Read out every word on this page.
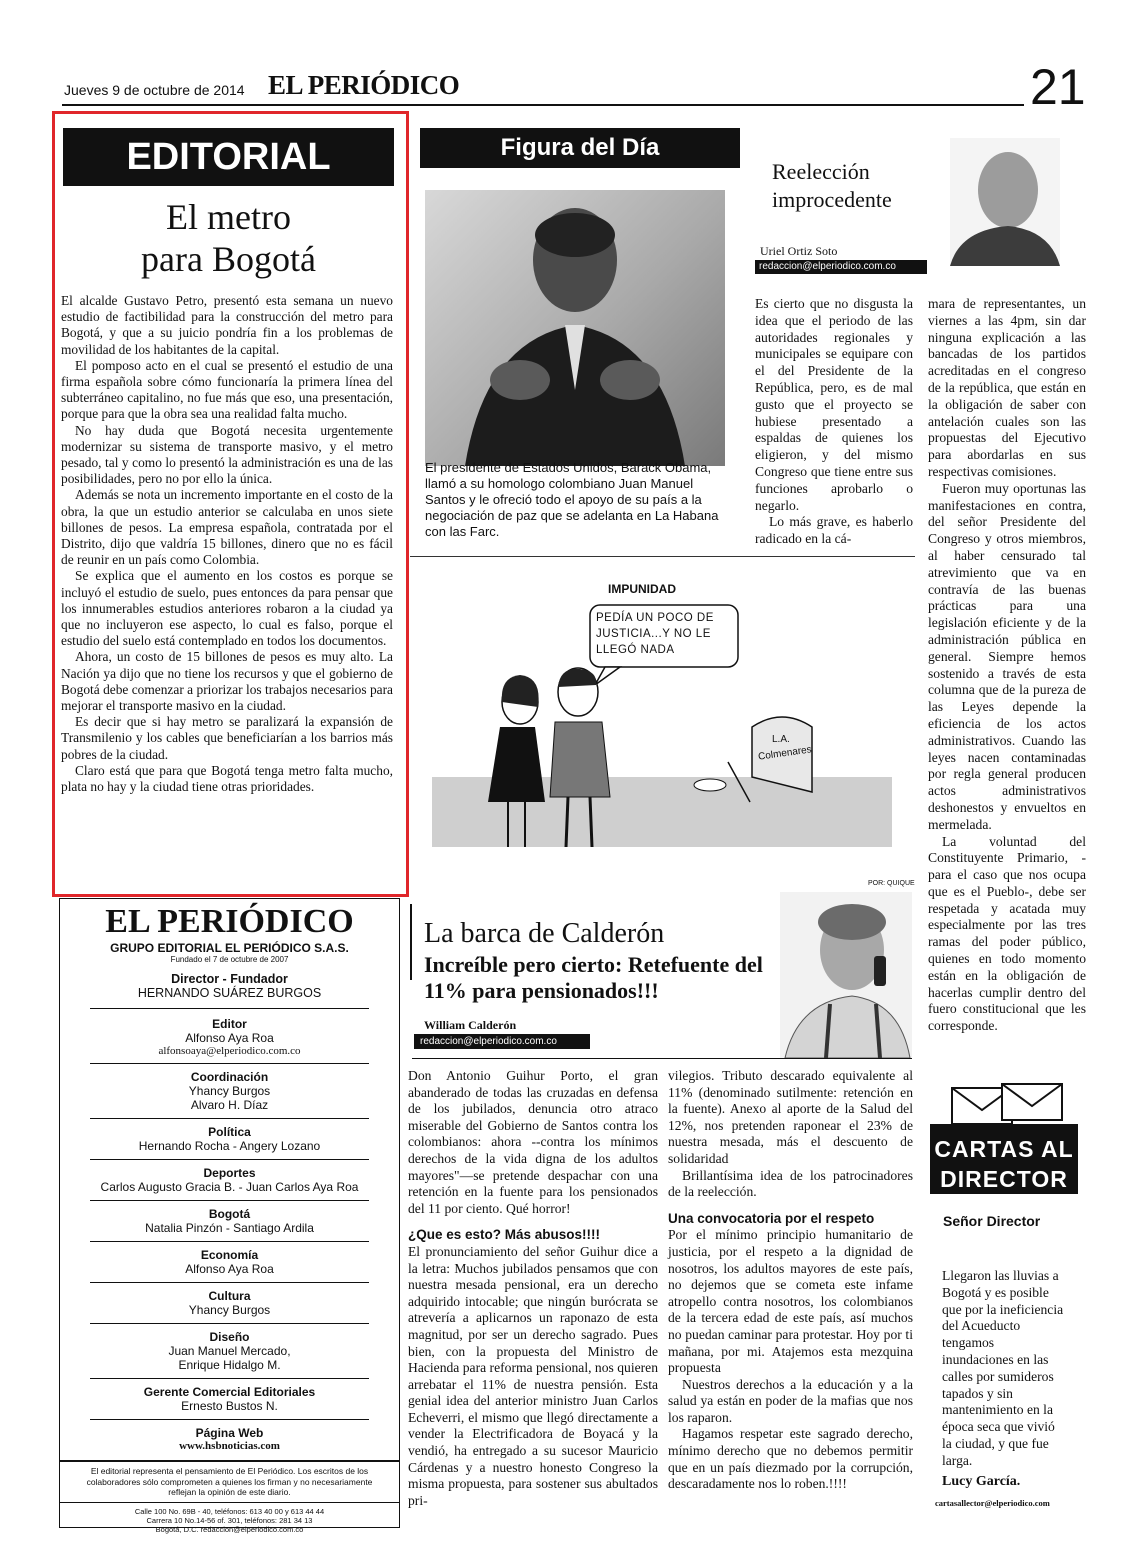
Jueves 9 de octubre de 2014 EL PERIÓDICO	21
EDITORIAL
El metro
para Bogotá

El alcalde Gustavo Petro, presentó esta semana un nuevo estudio de factibilidad para la construcción del metro para Bogotá, y que a su juicio pondría fin a los problemas de movilidad de los habitantes de la capital.

El pomposo acto en el cual se presentó el estudio de una firma española sobre cómo funcionaría la primera línea del subterráneo capitalino, no fue más que eso, una presentación, porque para que la obra sea una realidad falta mucho.

No hay duda que Bogotá necesita urgentemente modernizar su sistema de transporte masivo, y el metro pesado, tal y como lo presentó la administración es una de las posibilidades, pero no por ello la única.

Además se nota un incremento importante en el costo de la obra, la que un estudio anterior se calculaba en unos siete billones de pesos. La empresa española, contratada por el Distrito, dijo que valdría 15 billones, dinero que no es fácil de reunir en un país como Colombia.

Se explica que el aumento en los costos es porque se incluyó el estudio de suelo, pues entonces da para pensar que los innumerables estudios anteriores robaron a la ciudad ya que no incluyeron ese aspecto, lo cual es falso, porque el estudio del suelo está contemplado en todos los documentos.

Ahora, un costo de 15 billones de pesos es muy alto. La Nación ya dijo que no tiene los recursos y que el gobierno de Bogotá debe comenzar a priorizar los trabajos necesarios para mejorar el transporte masivo en la ciudad.

Es decir que si hay metro se paralizará la expansión de Transmilenio y los cables que beneficiarían a los barrios más pobres de la ciudad.

Claro está que para que Bogotá tenga metro falta mucho, plata no hay y la ciudad tiene otras prioridades.

Figura del Día
El presidente de Estados Unidos, Barack Obama, llamó a su homologo colombiano Juan Manuel Santos y le ofreció todo el apoyo de su país a la negociación de paz que se adelanta en La Habana con las Farc.
Reelección
improcedente
Uriel Ortiz Soto
redaccion@elperiodico.com.co

Es cierto que no disgusta la idea que el periodo de las autoridades regionales y municipales se equipare con el del Presidente de la República, pero, es de mal gusto que el proyecto se hubiese presentado a espaldas de quienes los eligieron, y del mismo Congreso que tiene entre sus funciones aprobarlo o negarlo.

Lo más grave, es haberlo radicado en la cá-

mara de representantes, un viernes a las 4pm, sin dar ninguna explicación a las bancadas de los partidos acreditadas en el congreso de la república, que están en la obligación de saber con antelación cuales son las propuestas del Ejecutivo para abordarlas en sus respectivas comisiones.

Fueron muy oportunas las manifestaciones en contra, del señor Presidente del Congreso y otros miembros, al haber censurado tal atrevimiento que va en contravía de las buenas prácticas para una legislación eficiente y de la administración pública en general. Siempre hemos sostenido a través de esta columna que de la pureza de las Leyes depende la eficiencia de los actos administrativos. Cuando las leyes nacen contaminadas por regla general producen actos administrativos deshonestos y envueltos en mermelada.

La voluntad del Constituyente Primario, - para el caso que nos ocupa que es el Pueblo-, debe ser respetada y acatada muy especialmente por las tres ramas del poder público, quienes en todo momento están en la obligación de hacerlas cumplir dentro del fuero constitucional que les corresponde.

IMPUNIDAD
PEDÍA UN POCO DE JUSTICIA...Y NO LE LLEGÓ NADA
L.A.
Colmenares
POR: QUIQUE
EL PERIÓDICO
GRUPO EDITORIAL EL PERIÓDICO S.A.S.
Fundado el 7 de octubre de 2007
Director - Fundador
HERNANDO SUÁREZ BURGOS
Editor
Alfonso Aya Roa
alfonsoaya@elperiodico.com.co
Coordinación
Yhancy Burgos
Alvaro H. Díaz
Política
Hernando Rocha - Angery Lozano
Deportes
Carlos Augusto Gracia B. - Juan Carlos Aya Roa
Bogotá
Natalia Pinzón - Santiago Ardila
Economía
Alfonso Aya Roa
Cultura
Yhancy Burgos
Diseño
Juan Manuel Mercado,
Enrique Hidalgo M.
Gerente Comercial Editoriales
Ernesto Bustos N.
Página Web
www.hsbnoticias.com
El editorial representa el pensamiento de El Periódico. Los escritos de los colaboradores sólo comprometen a quienes los firman y no necesariamente reflejan la opinión de este diario.
Calle 100 No. 69B - 40, teléfonos: 613 40 00 y 613 44 44
Carrera 10 No.14-56 of. 301, teléfonos: 281 34 13
Bogotá, D.C. redaccion@elperiodico.com.co
La barca de Calderón
Increíble pero cierto: Retefuente del 11% para pensionados!!!
William Calderón
redaccion@elperiodico.com.co

Don Antonio Guihur Porto, el gran abanderado de todas las cruzadas en defensa de los jubilados, denuncia otro atraco miserable del Gobierno de Santos contra los colombianos: ahora --contra los mínimos derechos de la vida digna de los adultos mayores"—se pretende despachar con una retención en la fuente para los pensionados del 11 por ciento. Qué horror!

¿Que es esto? Más abusos!!!!

El pronunciamiento del señor Guihur dice a la letra: Muchos jubilados pensamos que con nuestra mesada pensional, era un derecho adquirido intocable; que ningún burócrata se atrevería a aplicarnos un raponazo de esta magnitud, por ser un derecho sagrado. Pues bien, con la propuesta del Ministro de Hacienda para reforma pensional, nos quieren arrebatar el 11% de nuestra pensión. Esta genial idea del anterior ministro Juan Carlos Echeverri, el mismo que llegó directamente a vender la Electrificadora de Boyacá y la vendió, ha entregado a su sucesor Mauricio Cárdenas y a nuestro honesto Congreso la misma propuesta, para sostener sus abultados pri-

vilegios. Tributo descarado equivalente al 11% (denominado sutilmente: retención en la fuente). Anexo al aporte de la Salud del 12%, nos pretenden raponear el 23% de nuestra mesada, más el descuento de solidaridad

Brillantísima idea de los patrocinadores de la reelección.

Una convocatoria por el respeto

Por el mínimo principio humanitario de justicia, por el respeto a la dignidad de nosotros, los adultos mayores de este país, no dejemos que se cometa este infame atropello contra nosotros, los colombianos de la tercera edad de este país, así muchos no puedan caminar para protestar. Hoy por ti mañana, por mi. Atajemos esta mezquina propuesta

Nuestros derechos a la educación y a la salud ya están en poder de la mafias que nos los raparon.

Hagamos respetar este sagrado derecho, mínimo derecho que no debemos permitir que en un país diezmado por la corrupción, descaradamente nos lo roben.!!!!

CARTAS AL
DIRECTOR
Señor Director
Llegaron las lluvias a Bogotá y es posible que por la ineficiencia del Acueducto tengamos inundaciones en las calles por sumideros tapados y sin mantenimiento en la época seca que vivió la ciudad, y que fue larga.
Lucy García.
cartasallector@elperiodico.com
